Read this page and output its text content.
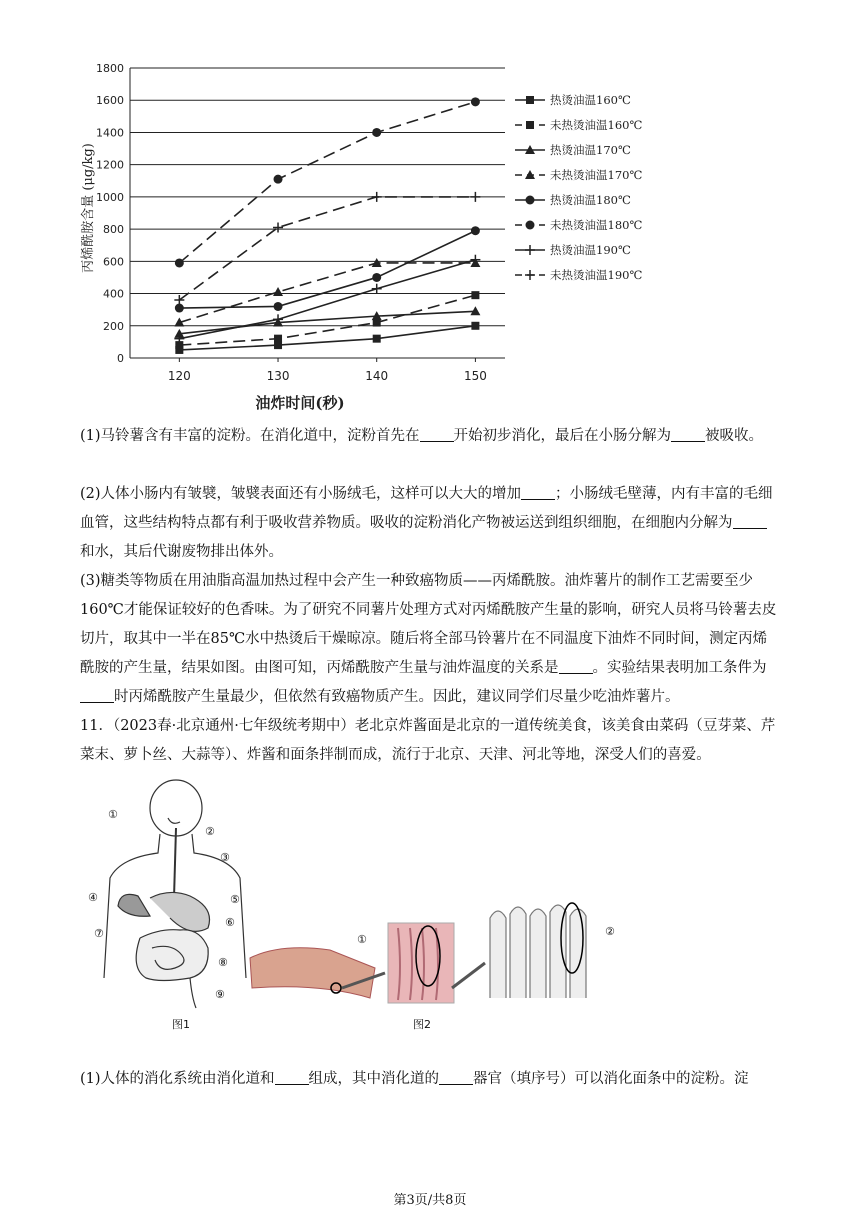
0
200
400
600
800
1000
1200
1400
1600
1800
120	130	140	150
热烫油温160℃
未热烫油温160℃
热烫油温170℃
未热烫油温170℃
热烫油温180℃
未热烫油温180℃
热烫油温190℃
未热烫油温190℃
丙烯酰胺含量 (μg/kg)
油炸时间(秒)

(1)马铃薯含有丰富的淀粉。在消化道中，淀粉首先在 开始初步消化，最后在小肠分解为 被吸收。

(2)人体小肠内有皱襞，皱襞表面还有小肠绒毛，这样可以大大的增加 ；小肠绒毛壁薄，内有丰富的毛细血管，这些结构特点都有利于吸收营养物质。吸收的淀粉消化产物被运送到组织细胞，在细胞内分解为和水，其后代谢废物排出体外。

(3)糖类等物质在用油脂高温加热过程中会产生一种致癌物质——丙烯酰胺。油炸薯片的制作工艺需要至少160℃才能保证较好的色香味。为了研究不同薯片处理方式对丙烯酰胺产生量的影响，研究人员将马铃薯去皮切片，取其中一半在85℃水中热烫后干燥晾凉。随后将全部马铃薯片在不同温度下油炸不同时间，测定丙烯酰胺的产生量，结果如图。由图可知，丙烯酰胺产生量与油炸温度的关系是 。实验结果表明加工条件为时丙烯酰胺产生量最少，但依然有致癌物质产生。因此，建议同学们尽量少吃油炸薯片。

11．（2023春·北京通州·七年级统考期中）老北京炸酱面是北京的一道传统美食，该美食由菜码（豆芽菜、芹菜末、萝卜丝、大蒜等）、炸酱和面条拌制而成，流行于北京、天津、河北等地，深受人们的喜爱。

①
②
③
④	⑤
⑥
⑦
⑧
⑨
①
②
图1	图2

(1)人体的消化系统由消化道和 组成，其中消化道的 器官（填序号）可以消化面条中的淀粉。淀

第3页/共8页
